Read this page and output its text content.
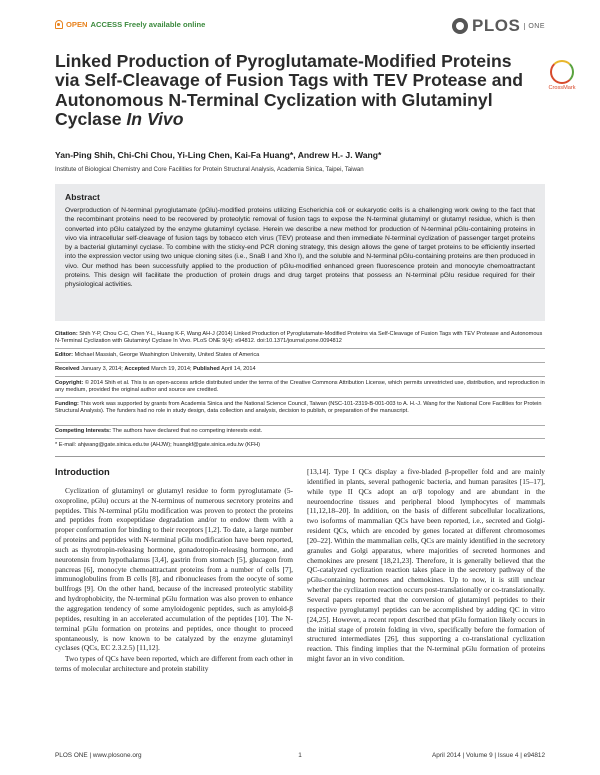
OPEN ACCESS Freely available online	PLOS	ONE
Linked Production of Pyroglutamate-Modified Proteins via Self-Cleavage of Fusion Tags with TEV Protease and Autonomous N-Terminal Cyclization with Glutaminyl Cyclase In Vivo
CrossMark
Yan-Ping Shih, Chi-Chi Chou, Yi-Ling Chen, Kai-Fa Huang*, Andrew H.- J. Wang*
Institute of Biological Chemistry and Core Facilities for Protein Structural Analysis, Academia Sinica, Taipei, Taiwan
Abstract
Overproduction of N-terminal pyroglutamate (pGlu)-modified proteins utilizing Escherichia coli or eukaryotic cells is a challenging work owing to the fact that the recombinant proteins need to be recovered by proteolytic removal of fusion tags to expose the N-terminal glutaminyl or glutamyl residue, which is then converted into pGlu catalyzed by the enzyme glutaminyl cyclase. Herein we describe a new method for production of N-terminal pGlu-containing proteins in vivo via intracellular self-cleavage of fusion tags by tobacco etch virus (TEV) protease and then immediate N-terminal cyclization of passenger target proteins by a bacterial glutaminyl cyclase. To combine with the sticky-end PCR cloning strategy, this design allows the gene of target proteins to be efficiently inserted into the expression vector using two unique cloning sites (i.e., SnaB I and Xho I), and the soluble and N-terminal pGlu-containing proteins are then produced in vivo. Our method has been successfully applied to the production of pGlu-modified enhanced green fluorescence protein and monocyte chemoattractant proteins. This design will facilitate the production of protein drugs and drug target proteins that possess an N-terminal pGlu residue required for their physiological activities.
Citation: Shih Y-P, Chou C-C, Chen Y-L, Huang K-F, Wang AH-J (2014) Linked Production of Pyroglutamate-Modified Proteins via Self-Cleavage of Fusion Tags with TEV Protease and Autonomous N-Terminal Cyclization with Glutaminyl Cyclase In Vivo. PLoS ONE 9(4): e94812. doi:10.1371/journal.pone.0094812
Editor: Michael Massiah, George Washington University, United States of America
Received January 3, 2014; Accepted March 19, 2014; Published April 14, 2014
Copyright: © 2014 Shih et al. This is an open-access article distributed under the terms of the Creative Commons Attribution License, which permits unrestricted use, distribution, and reproduction in any medium, provided the original author and source are credited.
Funding: This work was supported by grants from Academia Sinica and the National Science Council, Taiwan (NSC-101-2319-B-001-003 to A. H.-J. Wang for the National Core Facilities for Protein Structural Analysis). The funders had no role in study design, data collection and analysis, decision to publish, or preparation of the manuscript.
Competing Interests: The authors have declared that no competing interests exist.
* E-mail: ahjwang@gate.sinica.edu.tw (AHJW); huangkf@gate.sinica.edu.tw (KFH)
Introduction

Cyclization of glutaminyl or glutamyl residue to form pyroglutamate (5-oxoproline, pGlu) occurs at the N-terminus of numerous secretory proteins and peptides. This N-terminal pGlu modification was proven to protect the proteins and peptides from exopeptidase degradation and/or to endow them with a proper conformation for binding to their receptors [1,2]. To date, a large number of proteins and peptides with N-terminal pGlu modification have been reported, such as thyrotropin-releasing hormone, gonadotropin-releasing hormone, and neurotensin from hypothalamus [3,4], gastrin from stomach [5], glucagon from pancreas [6], monocyte chemoattractant proteins from a number of cells [7], immunoglobulins from B cells [8], and ribonucleases from the oocyte of some bullfrogs [9]. On the other hand, because of the increased proteolytic stability and hydrophobicity, the N-terminal pGlu formation was also proven to enhance the aggregation tendency of some amyloidogenic peptides, such as amyloid-β peptides, resulting in an accelerated accumulation of the peptides [10]. The N-terminal pGlu formation on proteins and peptides, once thought to proceed spontaneously, is now known to be catalyzed by the enzyme glutaminyl cyclases (QCs, EC 2.3.2.5) [11,12].

Two types of QCs have been reported, which are different from each other in terms of molecular architecture and protein stability

[13,14]. Type I QCs display a five-bladed β-propeller fold and are mainly identified in plants, several pathogenic bacteria, and human parasites [15–17], while type II QCs adopt an α/β topology and are abundant in the neuroendocrine tissues and peripheral blood lymphocytes of mammals [11,12,18–20]. In addition, on the basis of different subcellular localizations, two isoforms of mammalian QCs have been reported, i.e., secreted and Golgi-resident QCs, which are encoded by genes located at different chromosomes [20–22]. Within the mammalian cells, QCs are mainly identified in the secretory granules and Golgi apparatus, where majorities of secreted hormones and chemokines are present [18,21,23]. Therefore, it is generally believed that the QC-catalyzed cyclization reaction takes place in the secretory pathway of the pGlu-containing hormones and chemokines. Up to now, it is still unclear whether the cyclization reaction occurs post-translationally or co-translationally. Several papers reported that the conversion of glutaminyl peptides to their respective pyroglutamyl peptides can be accomplished by adding QC in vitro [24,25]. However, a recent report described that pGlu formation likely occurs in the initial stage of protein folding in vivo, specifically before the formation of structured intermediates [26], thus supporting a co-translational cyclization reaction. This finding implies that the N-terminal pGlu formation of proteins might favor an in vivo condition.

PLOS ONE | www.plosone.org	1	April 2014 | Volume 9 | Issue 4 | e94812
